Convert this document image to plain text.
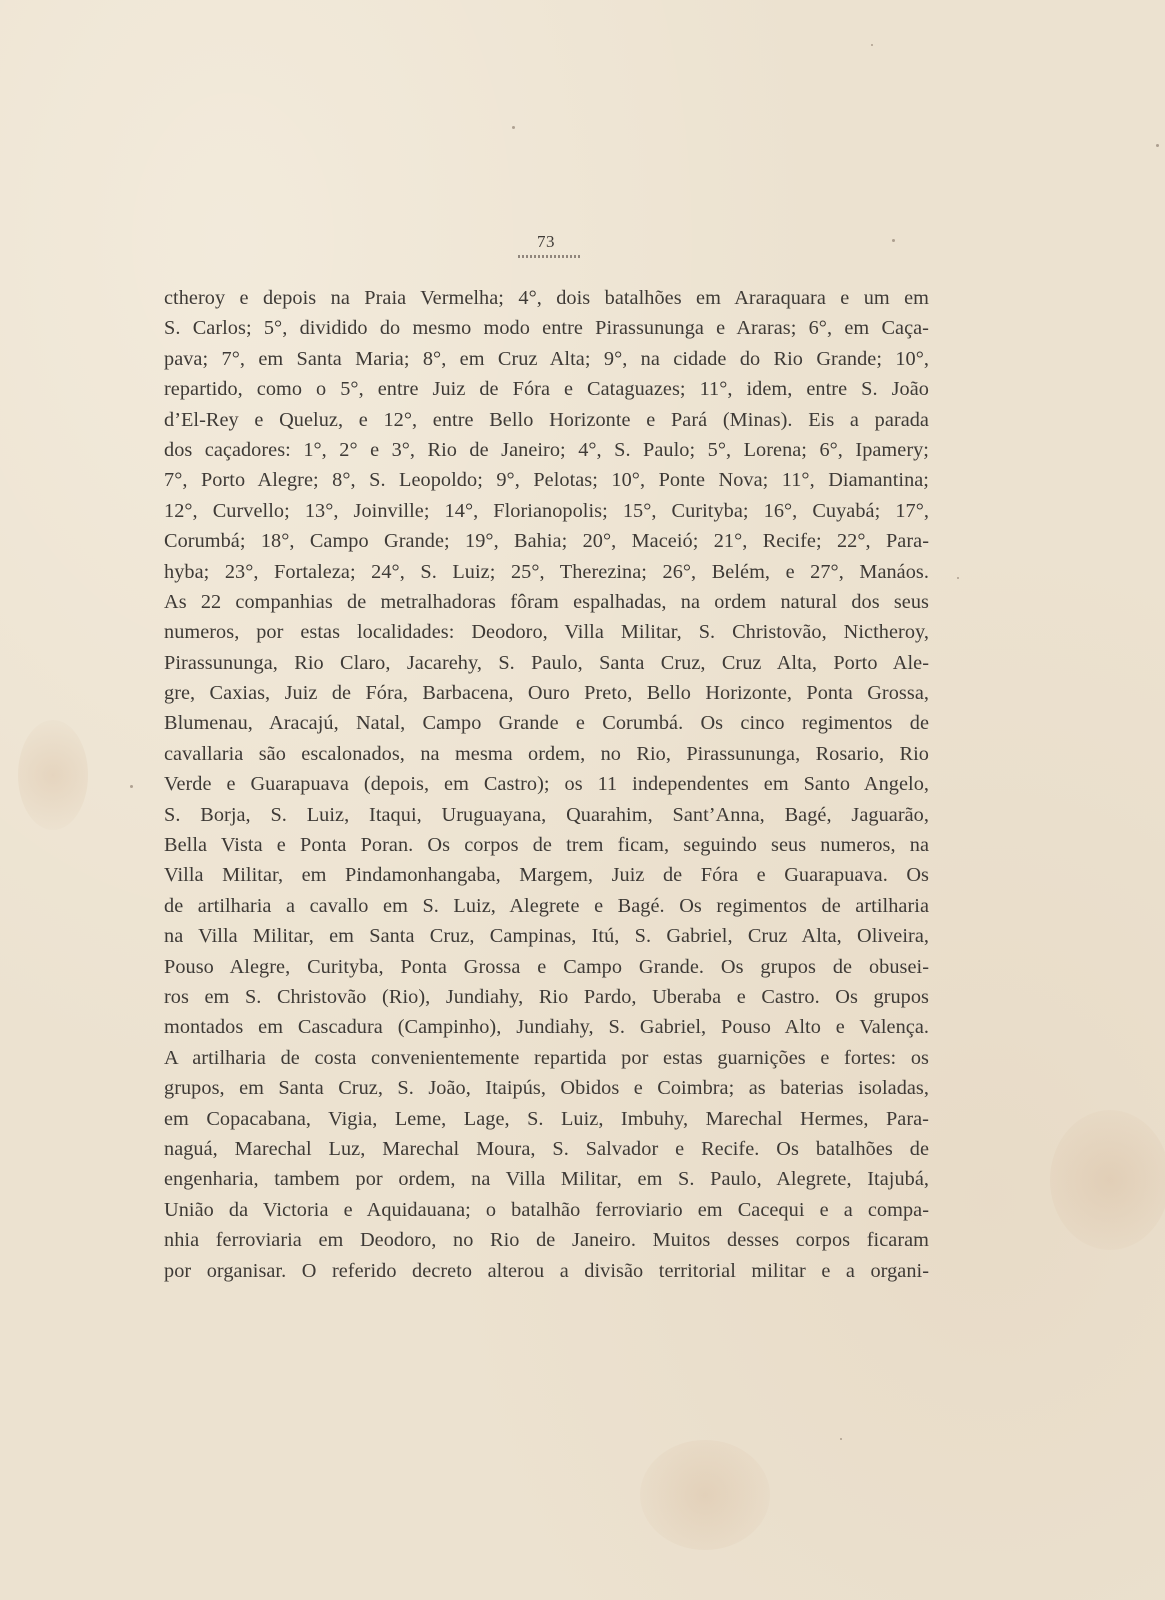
73
ctheroy e depois na Praia Vermelha; 4°, dois batalhões em Araraquara e um em
S. Carlos; 5°, dividido do mesmo modo entre Pirassununga e Araras; 6°, em Caça-
pava; 7°, em Santa Maria; 8°, em Cruz Alta; 9°, na cidade do Rio Grande; 10°,
repartido, como o 5°, entre Juiz de Fóra e Cataguazes; 11°, idem, entre S. João
d’El-Rey e Queluz, e 12°, entre Bello Horizonte e Pará (Minas). Eis a parada
dos caçadores: 1°, 2° e 3°, Rio de Janeiro; 4°, S. Paulo; 5°, Lorena; 6°, Ipamery;
7°, Porto Alegre; 8°, S. Leopoldo; 9°, Pelotas; 10°, Ponte Nova; 11°, Diamantina;
12°, Curvello; 13°, Joinville; 14°, Florianopolis; 15°, Curityba; 16°, Cuyabá; 17°,
Corumbá; 18°, Campo Grande; 19°, Bahia; 20°, Maceió; 21°, Recife; 22°, Para-
hyba; 23°, Fortaleza; 24°, S. Luiz; 25°, Therezina; 26°, Belém, e 27°, Manáos.
As 22 companhias de metralhadoras fôram espalhadas, na ordem natural dos seus
numeros, por estas localidades: Deodoro, Villa Militar, S. Christovão, Nictheroy,
Pirassununga, Rio Claro, Jacarehy, S. Paulo, Santa Cruz, Cruz Alta, Porto Ale-
gre, Caxias, Juiz de Fóra, Barbacena, Ouro Preto, Bello Horizonte, Ponta Grossa,
Blumenau, Aracajú, Natal, Campo Grande e Corumbá. Os cinco regimentos de
cavallaria são escalonados, na mesma ordem, no Rio, Pirassununga, Rosario, Rio
Verde e Guarapuava (depois, em Castro); os 11 independentes em Santo Angelo,
S. Borja, S. Luiz, Itaqui, Uruguayana, Quarahim, Sant’Anna, Bagé, Jaguarão,
Bella Vista e Ponta Poran. Os corpos de trem ficam, seguindo seus numeros, na
Villa Militar, em Pindamonhangaba, Margem, Juiz de Fóra e Guarapuava. Os
de artilharia a cavallo em S. Luiz, Alegrete e Bagé. Os regimentos de artilharia
na Villa Militar, em Santa Cruz, Campinas, Itú, S. Gabriel, Cruz Alta, Oliveira,
Pouso Alegre, Curityba, Ponta Grossa e Campo Grande. Os grupos de obusei-
ros em S. Christovão (Rio), Jundiahy, Rio Pardo, Uberaba e Castro. Os grupos
montados em Cascadura (Campinho), Jundiahy, S. Gabriel, Pouso Alto e Valença.
A artilharia de costa convenientemente repartida por estas guarnições e fortes: os
grupos, em Santa Cruz, S. João, Itaipús, Obidos e Coimbra; as baterias isoladas,
em Copacabana, Vigia, Leme, Lage, S. Luiz, Imbuhy, Marechal Hermes, Para-
naguá, Marechal Luz, Marechal Moura, S. Salvador e Recife. Os batalhões de
engenharia, tambem por ordem, na Villa Militar, em S. Paulo, Alegrete, Itajubá,
União da Victoria e Aquidauana; o batalhão ferroviario em Cacequi e a compa-
nhia ferroviaria em Deodoro, no Rio de Janeiro. Muitos desses corpos ficaram
por organisar. O referido decreto alterou a divisão territorial militar e a organi-
